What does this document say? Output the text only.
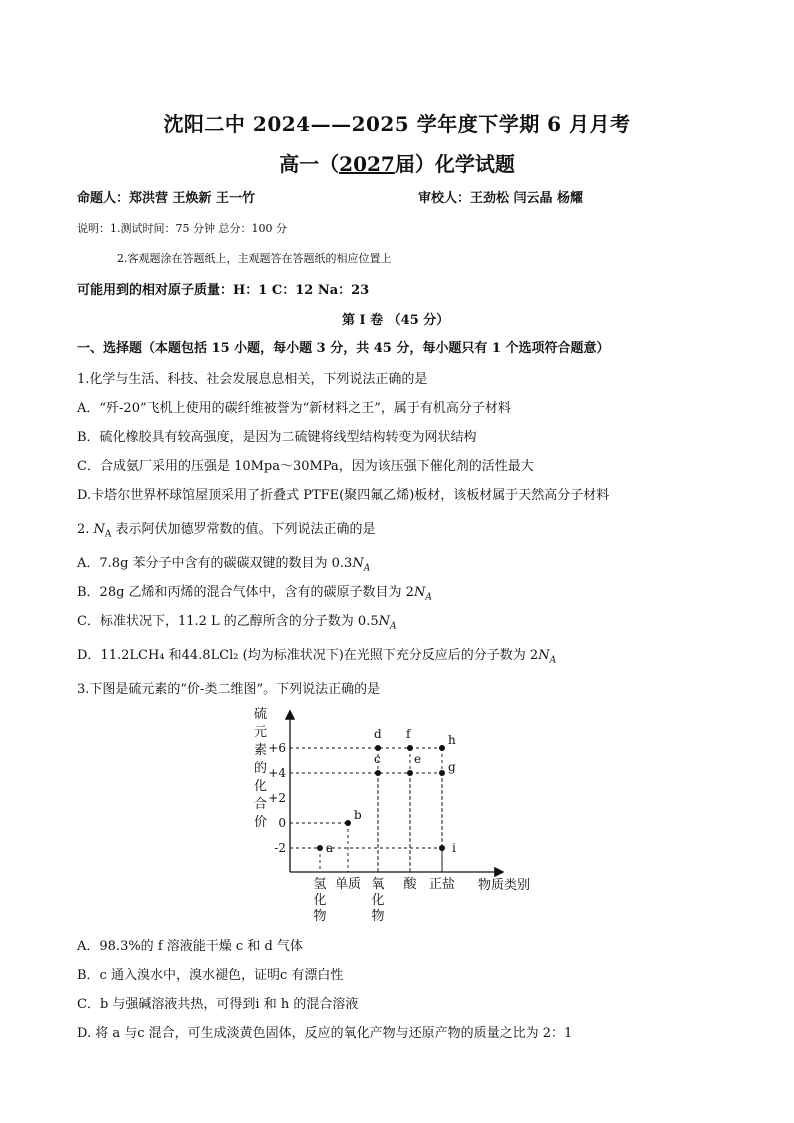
沈阳二中 2024——2025 学年度下学期 6 月月考
高一（2027届）化学试题
命题人：郑洪营 王焕新 王一竹	审校人：王劲松 闫云晶 杨耀
说明：1.测试时间：75 分钟 总分：100 分
2.客观题涂在答题纸上，主观题答在答题纸的相应位置上
可能用到的相对原子质量：H：1 C：12 Na：23
第 I 卷 （45 分）
一、选择题（本题包括 15 小题，每小题 3 分，共 45 分，每小题只有 1 个选项符合题意）
1.化学与生活、科技、社会发展息息相关，下列说法正确的是
A．“歼-20”飞机上使用的碳纤维被誉为“新材料之王”，属于有机高分子材料
B．硫化橡胶具有较高强度，是因为二硫键将线型结构转变为网状结构
C．合成氨厂采用的压强是 10Mpa～30MPa，因为该压强下催化剂的活性最大
D.卡塔尔世界杯球馆屋顶采用了折叠式 PTFE(聚四氟乙烯)板材，该板材属于天然高分子材料
2. $N_A$ 表示阿伏加德罗常数的值。下列说法正确的是
A．7.8g 苯分子中含有的碳碳双键的数目为 $0.3N_A$
B．28g 乙烯和丙烯的混合气体中，含有的碳原子数目为 $2N_A$
C．标准状况下，11.2 L 的乙醇所含的分子数为 $0.5N_A$
D．11.2LCH₄ 和44.8LCl₂ (均为标准状况下)在光照下充分反应后的分子数为 $2N_A$
3.下图是硫元素的“价-类二维图”。下列说法正确的是
硫
元
素
的
化
合
价
物质类别
+6
+4
+2
0
-2
氢
化
物
单质 氧
化
物
酸 正盐
a
b
c
d
e
f
g
h
i
A．98.3%的 f 溶液能干燥 c 和 d 气体
B．c 通入溴水中，溴水褪色，证明c 有漂白性
C．b 与强碱溶液共热，可得到i 和 h 的混合溶液
D. 将 a 与c 混合，可生成淡黄色固体，反应的氧化产物与还原产物的质量之比为 2：1
